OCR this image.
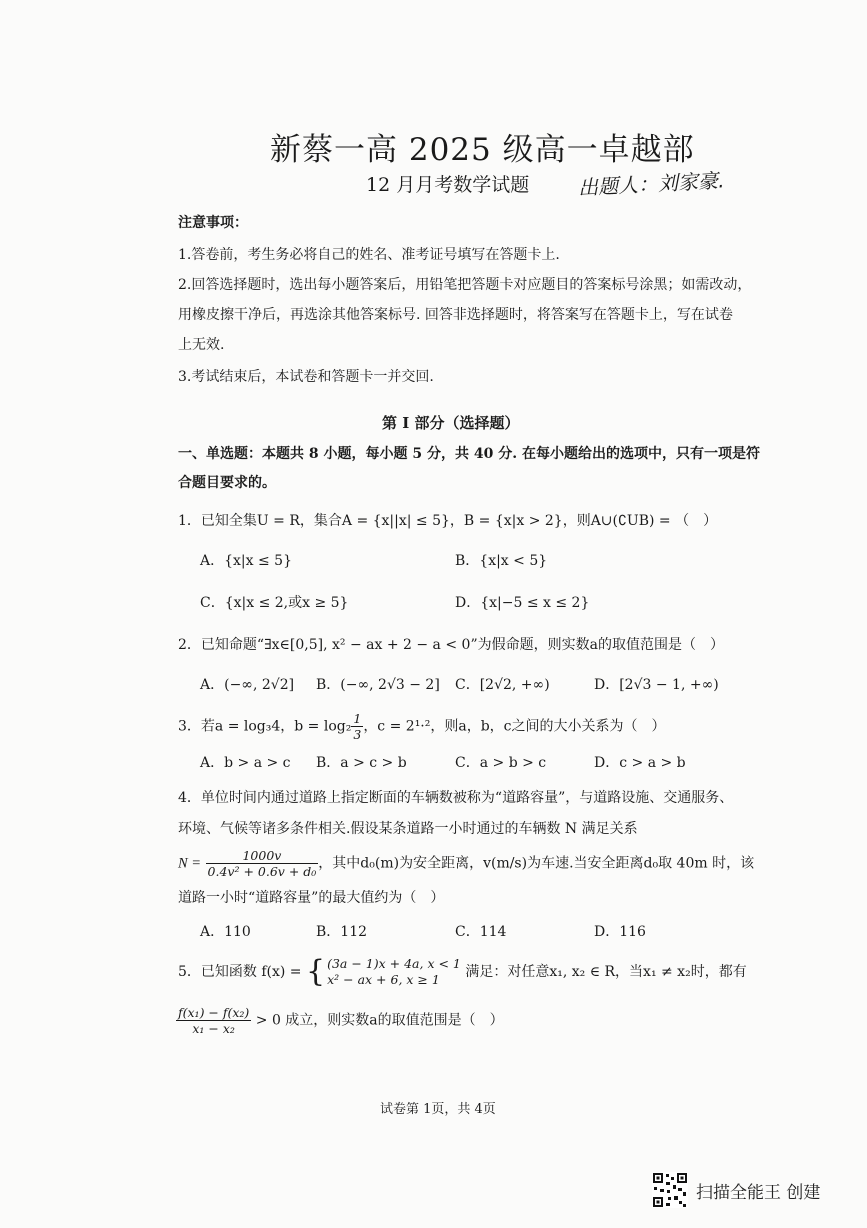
新蔡一高 2025 级高一卓越部
12 月月考数学试题 出题人：刘家豪.
注意事项：
1.答卷前，考生务必将自己的姓名、准考证号填写在答题卡上.
2.回答选择题时，选出每小题答案后，用铅笔把答题卡对应题目的答案标号涂黑；如需改动，
用橡皮擦干净后，再选涂其他答案标号. 回答非选择题时，将答案写在答题卡上，写在试卷
上无效.
3.考试结束后，本试卷和答题卡一并交回.
第 I 部分（选择题）
一、单选题：本题共 8 小题，每小题 5 分，共 40 分. 在每小题给出的选项中，只有一项是符
合题目要求的。
1．已知全集U = R，集合A = {x||x| ≤ 5}，B = {x|x > 2}，则A∪(∁UB) = （　）
A．{x|x ≤ 5}	B．{x|x < 5}
C．{x|x ≤ 2,或x ≥ 5}	D．{x|−5 ≤ x ≤ 2}
2．已知命题“∃x∈[0,5], x² − ax + 2 − a < 0”为假命题，则实数a的取值范围是（　）
A．(−∞, 2√2] B．(−∞, 2√3 − 2] C．[2√2, +∞)	D．[2√3 − 1, +∞)
3．若a = log₃4，$b = \log_2 \frac{1}{3}$ ，c = 2¹·²，则a，b，c之间的大小关系为（　）
A．b > a > c B．a > c > b	C．a > b > c	D．c > a > b
4．单位时间内通过道路上指定断面的车辆数被称为“道路容量”，与道路设施、交通服务、
环境、气候等诸多条件相关.假设某条道路一小时通过的车辆数 N 满足关系
$N = \frac{1000v}{\text{0.4v² + 0.6v + d₀}}$ ，其中d₀(m)为安全距离，v(m/s)为车速.当安全距离d₀取 40m 时，该
道路一小时“道路容量”的最大值约为（　）
A．110	B．112	C．114	D．116
5．已知函数 f(x) = { (3a − 1)x + 4a, x < 1
x² − ax + 6, x ≥ 1	满足：对任意x₁, x₂ ∈ R，当x₁ ≠ x₂时，都有
$\frac{\text{f(x₁) − f(x₂)}}{\text{x₁ − x₂}} > 0$ 成立，则实数a的取值范围是（　）
试卷第 1页，共 4页
扫描全能王 创建
